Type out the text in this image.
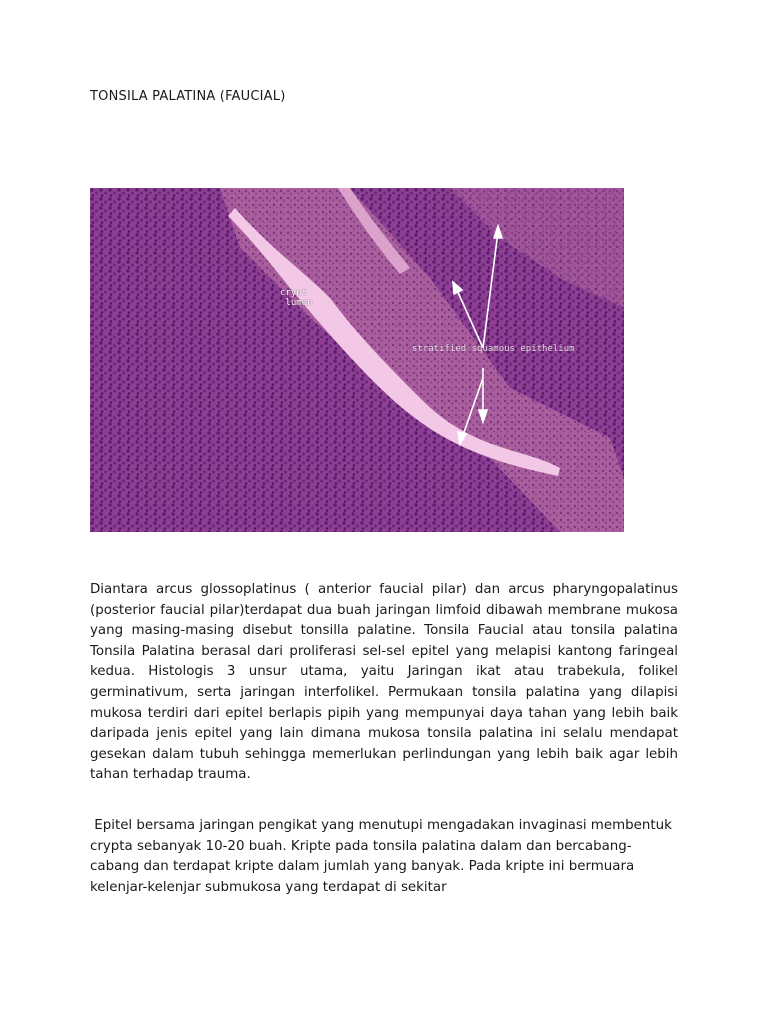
TONSILA PALATINA (FAUCIAL)
crypt
lumen
stratified squamous epithelium

Diantara arcus glossoplatinus ( anterior faucial pilar) dan arcus pharyngopalatinus (posterior faucial pilar)terdapat dua buah jaringan limfoid dibawah membrane mukosa yang masing-masing disebut tonsilla palatine. Tonsila Faucial atau tonsila palatina Tonsila Palatina berasal dari proliferasi sel-sel epitel yang melapisi kantong faringeal kedua. Histologis 3 unsur utama, yaitu Jaringan ikat atau trabekula, folikel germinativum, serta jaringan interfolikel. Permukaan tonsila palatina yang dilapisi mukosa terdiri dari epitel berlapis pipih yang mempunyai daya tahan yang lebih baik daripada jenis epitel yang lain dimana mukosa tonsila palatina ini selalu mendapat gesekan dalam tubuh sehingga memerlukan perlindungan yang lebih baik agar lebih tahan terhadap trauma.

Epitel bersama jaringan pengikat yang menutupi mengadakan invaginasi membentuk crypta sebanyak 10-20 buah. Kripte pada tonsila palatina dalam dan bercabang-cabang dan terdapat kripte dalam jumlah yang banyak. Pada kripte ini bermuara kelenjar-kelenjar submukosa yang terdapat di sekitar
